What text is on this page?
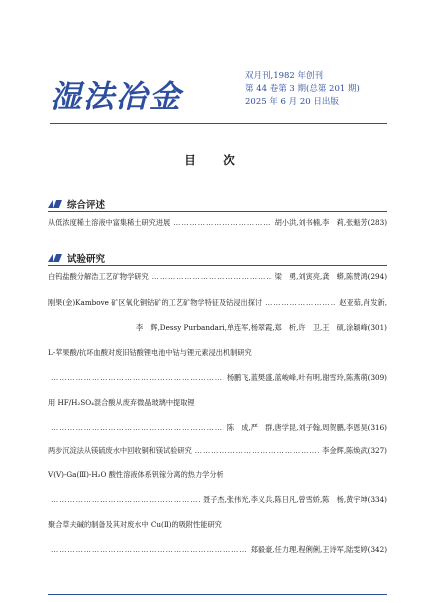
湿法冶金
双月刊,1982 年创刊
第 44 卷第 3 期(总第 201 期)
2025 年 6 月 20 日出版
目　次
综合评述
从低浓度稀土溶液中富集稀土研究进展 ……………………………………………………………………………………………………………………	胡小洪,刘书楠,李　莉,张魁芳(283)
试验研究
白钨盐酸分解浩工艺矿物学研究 ……………………………………………………………………………………………………………………	梁　勇,刘寅亮,龚　蟒,陈赞鸿(294)
刚果(金)Kambove 矿区氧化铜钴矿的工艺矿物学特征及钴浸出探讨 ……………………………………………………………………………………………………………………	赵亚茹,肖发新,
李　辉,Dessy Purbandari,单连军,杨翠霞,郑　析,许　卫,王　硕,涂颖峰(301)
L-苹果酸/抗坏血酸对废旧钴酸锂电池中钴与锂元素浸出机制研究
……………………………………………………………………………………………………………………
杨鹏飞,蓝樊盛,蓝峻峰,叶有明,谢雪玲,陈燕萌(309)
用 HF/H₂SO₄混合酸从废弃微晶玻璃中提取锂
……………………………………………………………………………………………………………………
陈　成,严　群,唐学昆,刘子翰,周贺鹏,李恩昊(316)
两步沉淀法从镁硫废水中回收铜和镁试验研究 ……………………………………………………………………………………………………………………	李金辉,陈焕武(327)
V(Ⅴ)-Ga(Ⅲ)-H₂O 酸性溶液体系钒镓分离的热力学分析
……………………………………………………………………………………………………………………
聂子杰,张伟光,李义兵,陈日凡,曾雪娇,陈　杨,黄宇坤(334)
聚合草夫碱的制备及其对废水中 Cu(Ⅱ)的吸附性能研究
……………………………………………………………………………………………………………………
郑毅豪,任力理,程俐俐,王诗军,陆雯婷(342)
